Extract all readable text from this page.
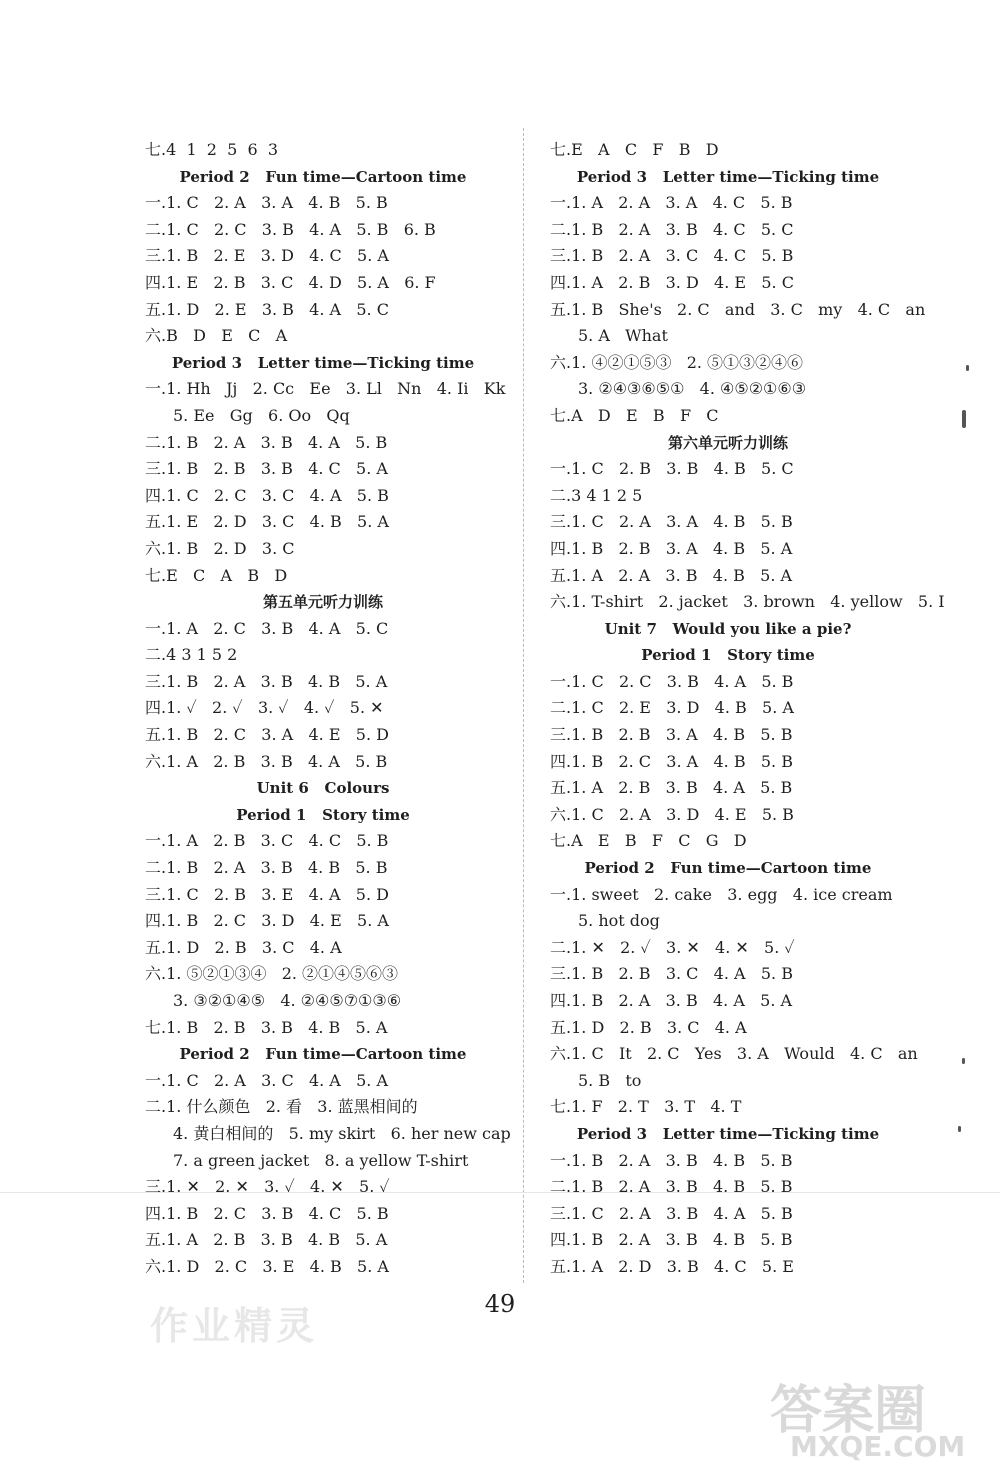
七.4  1  2  5  6  3
Period 2   Fun time—Cartoon time
一.1. C   2. A   3. A   4. B   5. B
二.1. C   2. C   3. B   4. A   5. B   6. B
三.1. B   2. E   3. D   4. C   5. A
四.1. E   2. B   3. C   4. D   5. A   6. F
五.1. D   2. E   3. B   4. A   5. C
六.B   D   E   C   A
Period 3   Letter time—Ticking time
一.1. Hh   Jj   2. Cc   Ee   3. Ll   Nn   4. Ii   Kk
5. Ee   Gg   6. Oo   Qq
二.1. B   2. A   3. B   4. A   5. B
三.1. B   2. B   3. B   4. C   5. A
四.1. C   2. C   3. C   4. A   5. B
五.1. E   2. D   3. C   4. B   5. A
六.1. B   2. D   3. C
七.E   C   A   B   D
第五单元听力训练
一.1. A   2. C   3. B   4. A   5. C
二.4 3 1 5 2
三.1. B   2. A   3. B   4. B   5. A
四.1. ✓   2. ✓   3. ✓   4. ✓   5. ✕
五.1. B   2. C   3. A   4. E   5. D
六.1. A   2. B   3. B   4. A   5. B
Unit 6   Colours
Period 1   Story time
一.1. A   2. B   3. C   4. C   5. B
二.1. B   2. A   3. B   4. B   5. B
三.1. C   2. B   3. E   4. A   5. D
四.1. B   2. C   3. D   4. E   5. A
五.1. D   2. B   3. C   4. A
六.1. ⑤②①③④   2. ②①④⑤⑥③
3. ③②①④⑤   4. ②④⑤⑦①③⑥
七.1. B   2. B   3. B   4. B   5. A
Period 2   Fun time—Cartoon time
一.1. C   2. A   3. C   4. A   5. A
二.1. 什么颜色   2. 看   3. 蓝黑相间的
4. 黄白相间的   5. my skirt   6. her new cap
7. a green jacket   8. a yellow T-shirt
三.1. ✕   2. ✕   3. ✓   4. ✕   5. ✓
四.1. B   2. C   3. B   4. C   5. B
五.1. A   2. B   3. B   4. B   5. A
六.1. D   2. C   3. E   4. B   5. A
七.E   A   C   F   B   D
Period 3   Letter time—Ticking time
一.1. A   2. A   3. A   4. C   5. B
二.1. B   2. A   3. B   4. C   5. C
三.1. B   2. A   3. C   4. C   5. B
四.1. A   2. B   3. D   4. E   5. C
五.1. B   She's   2. C   and   3. C   my   4. C   an
5. A   What
六.1. ④②①⑤③   2. ⑤①③②④⑥
3. ②④③⑥⑤①   4. ④⑤②①⑥③
七.A   D   E   B   F   C
第六单元听力训练
一.1. C   2. B   3. B   4. B   5. C
二.3 4 1 2 5
三.1. C   2. A   3. A   4. B   5. B
四.1. B   2. B   3. A   4. B   5. A
五.1. A   2. A   3. B   4. B   5. A
六.1. T-shirt   2. jacket   3. brown   4. yellow   5. I
Unit 7   Would you like a pie?
Period 1   Story time
一.1. C   2. C   3. B   4. A   5. B
二.1. C   2. E   3. D   4. B   5. A
三.1. B   2. B   3. A   4. B   5. B
四.1. B   2. C   3. A   4. B   5. B
五.1. A   2. B   3. B   4. A   5. B
六.1. C   2. A   3. D   4. E   5. B
七.A   E   B   F   C   G   D
Period 2   Fun time—Cartoon time
一.1. sweet   2. cake   3. egg   4. ice cream
5. hot dog
二.1. ✕   2. ✓   3. ✕   4. ✕   5. ✓
三.1. B   2. B   3. C   4. A   5. B
四.1. B   2. A   3. B   4. A   5. A
五.1. D   2. B   3. C   4. A
六.1. C   It   2. C   Yes   3. A   Would   4. C   an
5. B   to
七.1. F   2. T   3. T   4. T
Period 3   Letter time—Ticking time
一.1. B   2. A   3. B   4. B   5. B
二.1. B   2. A   3. B   4. B   5. B
三.1. C   2. A   3. B   4. A   5. B
四.1. B   2. A   3. B   4. B   5. B
五.1. A   2. D   3. B   4. C   5. E
作业精灵	49
答案圈
MXQE.COM
